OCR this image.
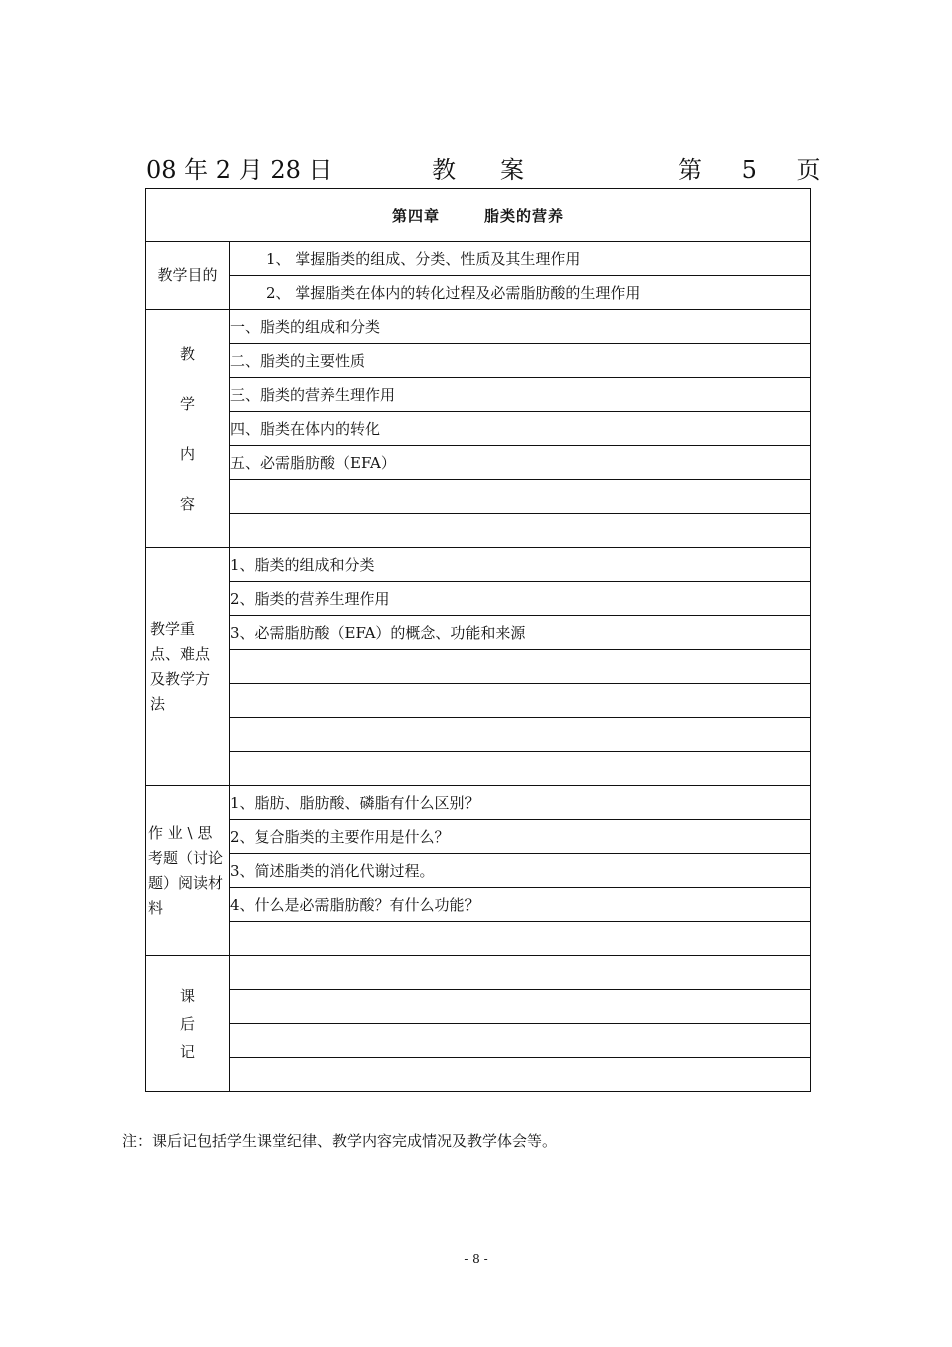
08 年 2 月 28 日	教案	第 5 页
第四章 脂类的营养	
教学目的	1、 掌握脂类的组成、分类、性质及其生理作用
	2、 掌握脂类在体内的转化过程及必需脂肪酸的生理作用

教
学
内
容	一、脂类的组成和分类
	二、脂类的主要性质
	三、脂类的营养生理作用
	四、脂类在体内的转化
	五、必需脂肪酸（EFA）

教学重点、难点及教学方法	1、脂类的组成和分类
	2、脂类的营养生理作用
	3、必需脂肪酸（EFA）的概念、功能和来源

作 业 \ 思考题（讨论题）阅读材料	1、脂肪、脂肪酸、磷脂有什么区别？
	2、复合脂类的主要作用是什么？
	3、简述脂类的消化代谢过程。
	4、什么是必需脂肪酸？有什么功能？

课
后
记	

注：课后记包括学生课堂纪律、教学内容完成情况及教学体会等。
- 8 -
